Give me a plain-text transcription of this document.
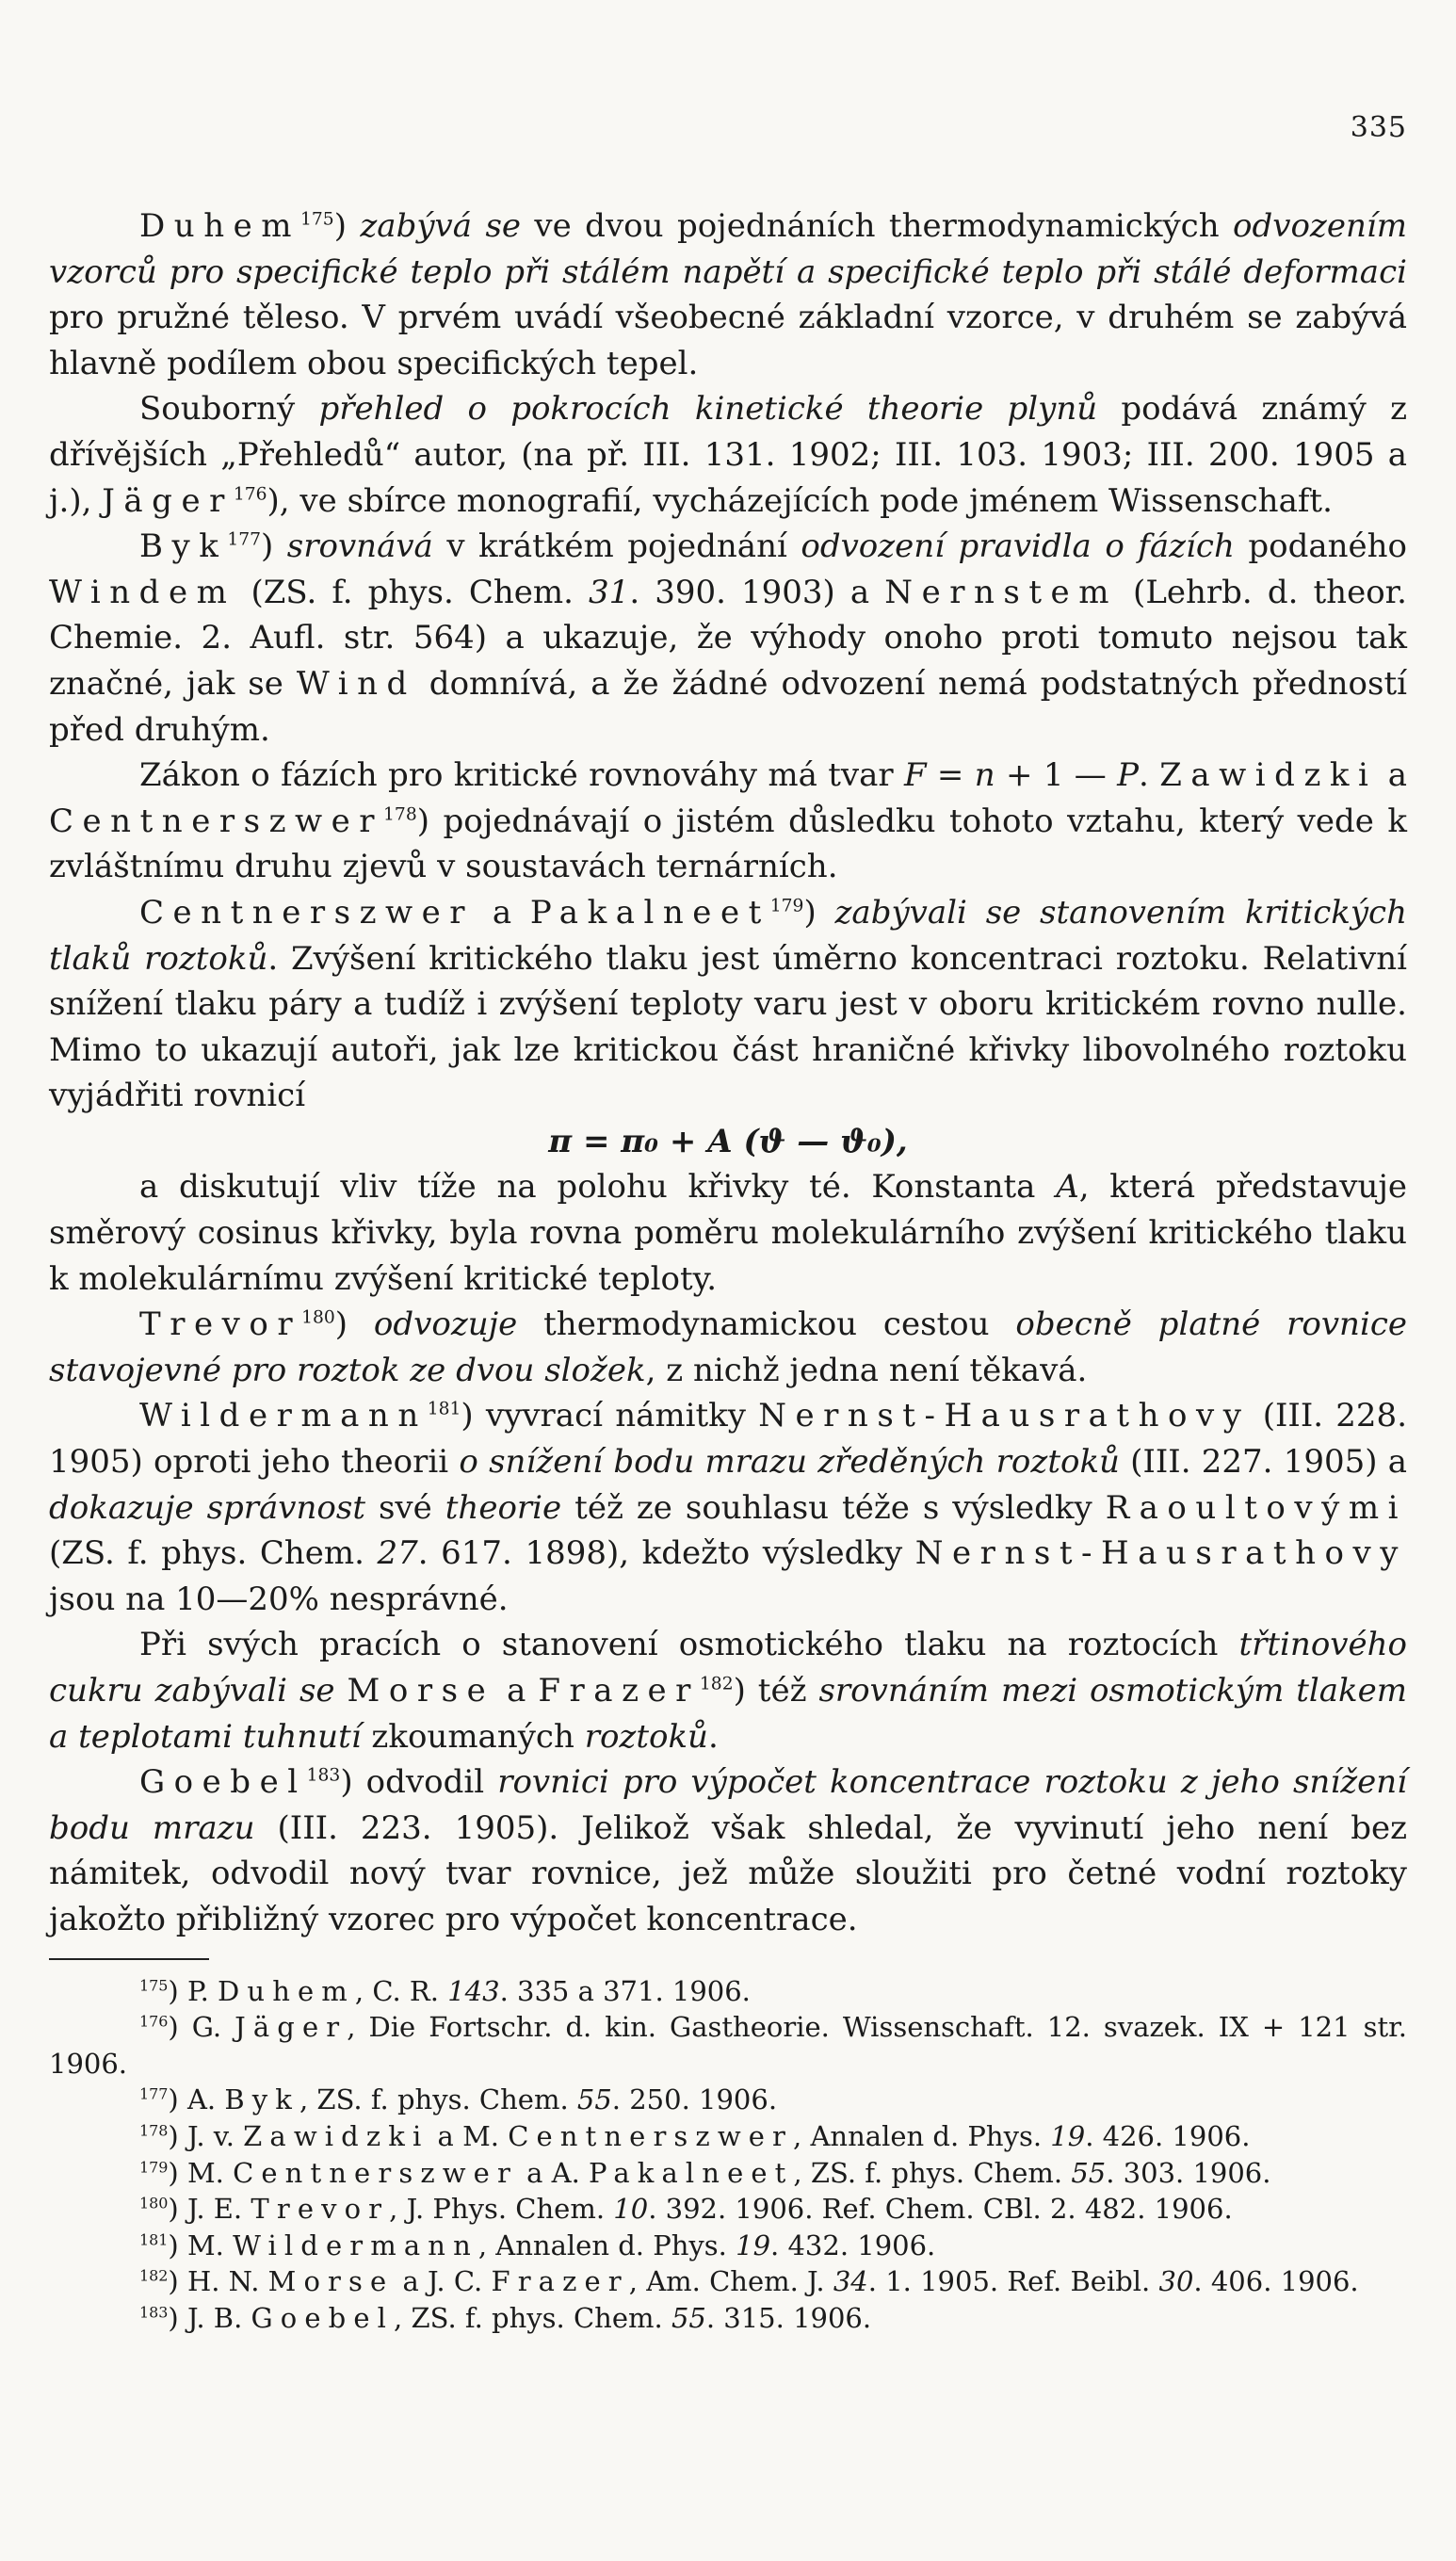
335

Duhem$^{175}$) zabývá se ve dvou pojednáních thermodynamických odvozením vzorců pro specifické teplo při stálém napětí a specifické teplo při stálé deformaci pro pružné těleso. V prvém uvádí všeobecné základní vzorce, v druhém se zabývá hlavně podílem obou specifických tepel.

Souborný přehled o pokrocích kinetické theorie plynů podává známý z dřívějších „Přehledů“ autor, (na př. III. 131. 1902; III. 103. 1903; III. 200. 1905 a j.), Jäger$^{176}$), ve sbírce monografií, vycházejících pode jménem Wissenschaft.

Byk$^{177}$) srovnává v krátkém pojednání odvození pravidla o fázích podaného Windem (ZS. f. phys. Chem. 31. 390. 1903) a Nernstem (Lehrb. d. theor. Chemie. 2. Aufl. str. 564) a ukazuje, že výhody onoho proti tomuto nejsou tak značné, jak se Wind domnívá, a že žádné odvození nemá podstatných předností před druhým.

Zákon o fázích pro kritické rovnováhy má tvar F = n + 1 — P. Zawidzki a Centnerszwer$^{178}$) pojednávají o jistém důsledku tohoto vztahu, který vede k zvláštnímu druhu zjevů v soustavách ternárních.

Centnerszwer a Pakalneet$^{179}$) zabývali se stanovením kritických tlaků roztoků. Zvýšení kritického tlaku jest úměrno koncentraci roztoku. Relativní snížení tlaku páry a tudíž i zvýšení teploty varu jest v oboru kritickém rovno nulle. Mimo to ukazují autoři, jak lze kritickou část hraničné křivky libovolného roztoku vyjádřiti rovnicí

π = π₀ + A (ϑ — ϑ₀),

a diskutují vliv tíže na polohu křivky té. Konstanta A, která představuje směrový cosinus křivky, byla rovna poměru molekulárního zvýšení kritického tlaku k molekulárnímu zvýšení kritické teploty.

Trevor$^{180}$) odvozuje thermodynamickou cestou obecně platné rovnice stavojevné pro roztok ze dvou složek, z nichž jedna není těkavá.

Wildermann$^{181}$) vyvrací námitky Nernst-Hausrathovy (III. 228. 1905) oproti jeho theorii o snížení bodu mrazu zředěných roztoků (III. 227. 1905) a dokazuje správnost své theorie též ze souhlasu téže s výsledky Raoultovými (ZS. f. phys. Chem. 27. 617. 1898), kdežto výsledky Nernst-Hausrathovy jsou na 10—20% nesprávné.

Při svých pracích o stanovení osmotického tlaku na roztocích třtinového cukru zabývali se Morse a Frazer$^{182}$) též srovnáním mezi osmotickým tlakem a teplotami tuhnutí zkoumaných roztoků.

Goebel$^{183}$) odvodil rovnici pro výpočet koncentrace roztoku z jeho snížení bodu mrazu (III. 223. 1905). Jelikož však shledal, že vyvinutí jeho není bez námitek, odvodil nový tvar rovnice, jež může sloužiti pro četné vodní roztoky jakožto přibližný vzorec pro výpočet koncentrace.

$^{175}$) P. Duhem, C. R. 143. 335 a 371. 1906.

$^{176}$) G. Jäger, Die Fortschr. d. kin. Gastheorie. Wissenschaft. 12. svazek. IX + 121 str. 1906.

$^{177}$) A. Byk, ZS. f. phys. Chem. 55. 250. 1906.

$^{178}$) J. v. Zawidzki a M. Centnerszwer, Annalen d. Phys. 19. 426. 1906.

$^{179}$) M. Centnerszwer a A. Pakalneet, ZS. f. phys. Chem. 55. 303. 1906.

$^{180}$) J. E. Trevor, J. Phys. Chem. 10. 392. 1906. Ref. Chem. CBl. 2. 482. 1906.

$^{181}$) M. Wildermann, Annalen d. Phys. 19. 432. 1906.

$^{182}$) H. N. Morse a J. C. Frazer, Am. Chem. J. 34. 1. 1905. Ref. Beibl. 30. 406. 1906.

$^{183}$) J. B. Goebel, ZS. f. phys. Chem. 55. 315. 1906.
